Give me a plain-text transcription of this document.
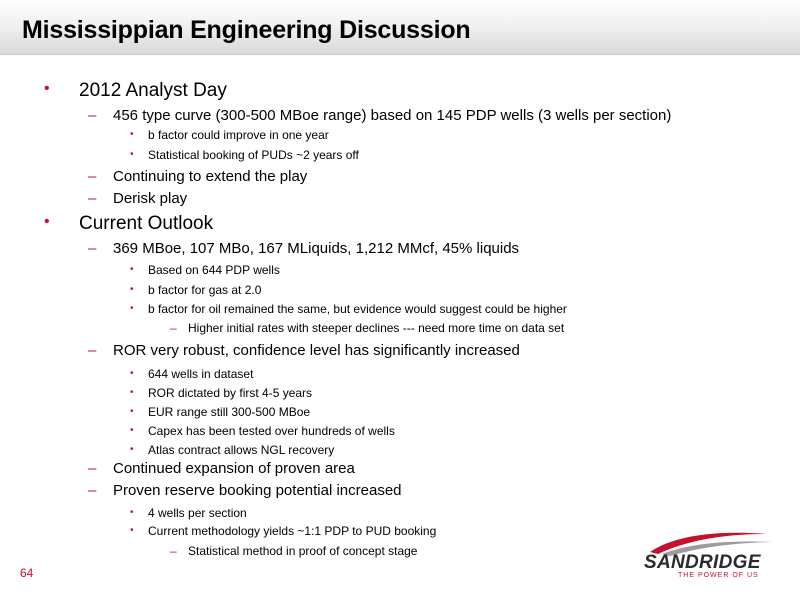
Mississippian Engineering Discussion
• 2012 Analyst Day
– 456 type curve (300-500 MBoe range) based on 145 PDP wells (3 wells per section)
• b factor could improve in one year
• Statistical booking of PUDs ~2 years off
– Continuing to extend the play
– Derisk play
• Current Outlook
– 369 MBoe, 107 MBo, 167 MLiquids, 1,212 MMcf, 45% liquids
• Based on 644 PDP wells
• b factor for gas at 2.0
• b factor for oil remained the same, but evidence would suggest could be higher
– Higher initial rates with steeper declines --- need more time on data set
– ROR very robust, confidence level has significantly increased
• 644 wells in dataset
• ROR dictated by first 4-5 years
• EUR range still 300-500 MBoe
• Capex has been tested over hundreds of wells
• Atlas contract allows NGL recovery
– Continued expansion of proven area
– Proven reserve booking potential increased
• 4 wells per section
• Current methodology yields ~1:1 PDP to PUD booking
– Statistical method in proof of concept stage
64	SANDRIDGE
THE POWER OF US
